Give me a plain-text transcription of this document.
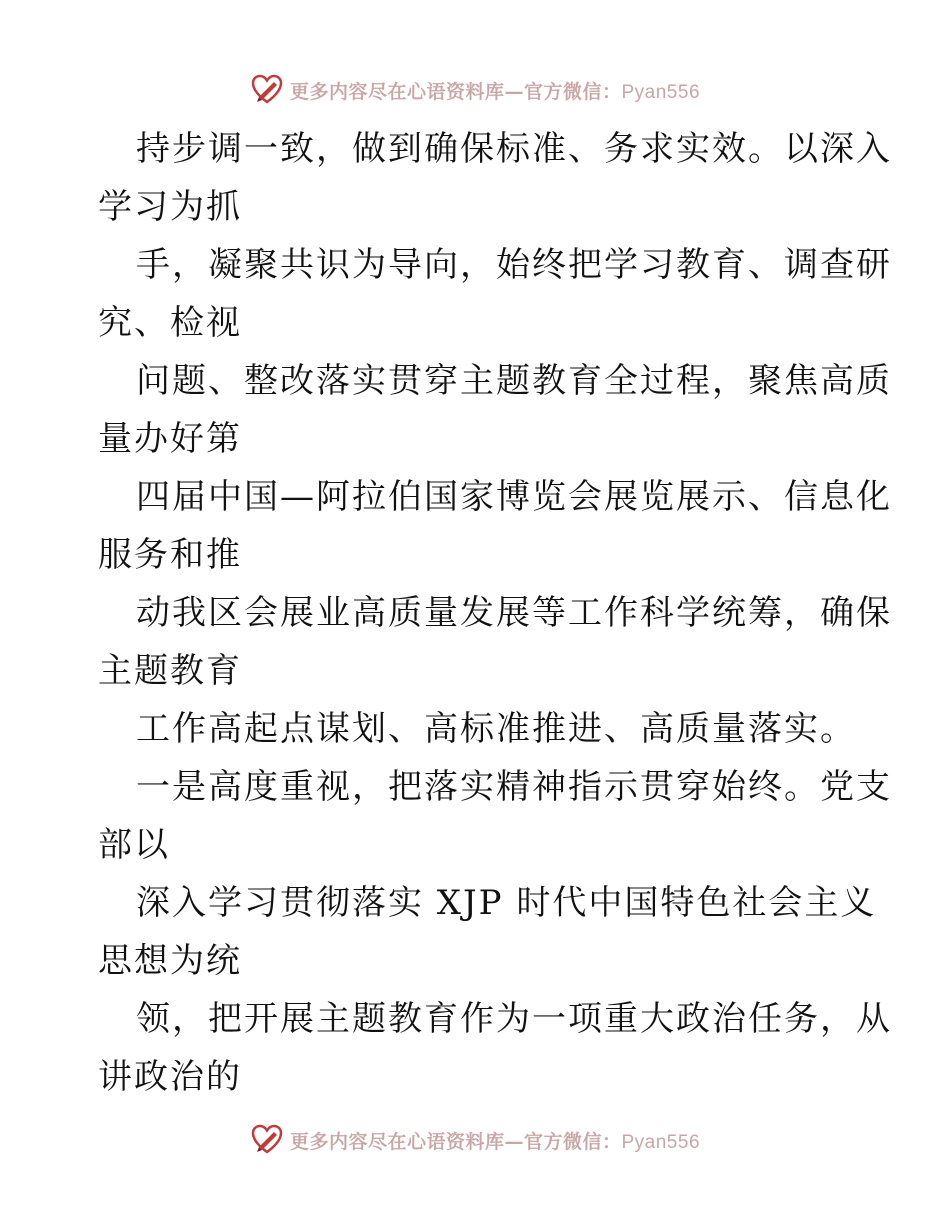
更多内容尽在心语资料库—官方微信：Pyan556
持步调一致，做到确保标准、务求实效。以深入
学习为抓
手，凝聚共识为导向，始终把学习教育、调查研
究、检视
问题、整改落实贯穿主题教育全过程，聚焦高质
量办好第
四届中国—阿拉伯国家博览会展览展示、信息化
服务和推
动我区会展业高质量发展等工作科学统筹，确保
主题教育
工作高起点谋划、高标准推进、高质量落实。
一是高度重视，把落实精神指示贯穿始终。党支
部以
深入学习贯彻落实 XJP 时代中国特色社会主义
思想为统
领，把开展主题教育作为一项重大政治任务，从
讲政治的
更多内容尽在心语资料库—官方微信：Pyan556
